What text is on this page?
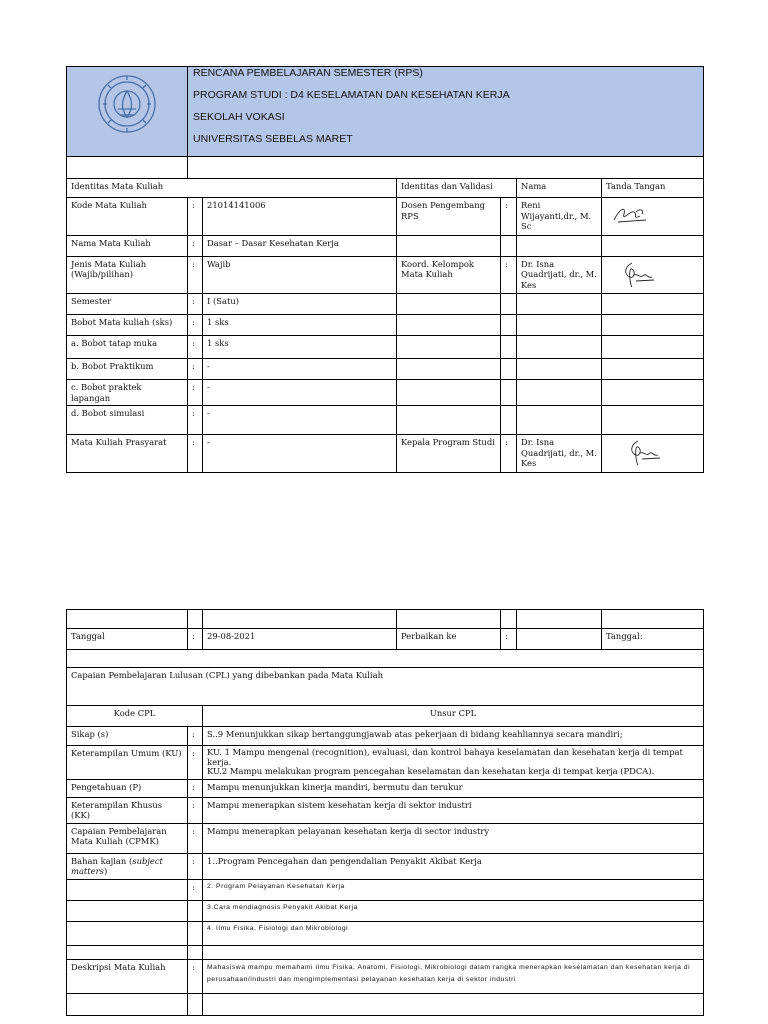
RENCANA PEMBELAJARAN SEMESTER (RPS)
PROGRAM STUDI : D4 KESELAMATAN DAN KESEHATAN KERJA
SEKOLAH VOKASI
UNIVERSITAS SEBELAS MARET					

Identitas Mata Kuliah			Identitas dan Validasi		Nama	Tanda Tangan
Kode Mata Kuliah	:	21014141006	Dosen Pengembang RPS	:	Reni Wijayanti,dr., M. Sc	
Nama Mata Kuliah	:	Dasar – Dasar Kesehatan Kerja				
Jenis Mata Kuliah (Wajib/pilihan)	:	Wajib	Koord. Kelompok Mata Kuliah	:	Dr. Isna Quadrijati, dr., M. Kes	
Semester	:	I (Satu)				
Bobot Mata kuliah (sks)	:	1 sks				
a. Bobot tatap muka	:	1 sks				
b. Bobot Praktikum	:	-				
c. Bobot praktek lapangan	:	-				
d. Bobot simulasi	:	-				
Mata Kuliah Prasyarat	:	-	Kepala Program Studi	:	Dr. Isna Quadrijati, dr., M. Kes	

Tanggal	:	29-08-2021	Perbaikan ke	:		Tanggal:

Capaian Pembelajaran Lulusan (CPL) yang dibebankan pada Mata Kuliah						
Kode CPL		Unsur CPL				
Sikap (s)	:	S..9 Menunjukkan sikap bertanggungjawab atas pekerjaan di bidang keahliannya secara mandiri;				
Keterampilan Umum (KU)	:	KU. 1 Mampu mengenal (recognition), evaluasi, dan kontrol bahaya keselamatan dan kesehatan kerja di tempat kerja.
KU.2 Mampu melakukan program pencegahan keselamatan dan kesehatan kerja di tempat kerja (PDCA).				

Pengetahuan (P)	:	Mampu menunjukkan kinerja mandiri, bermutu dan terukur				
Keterampilan Khusus (KK)	:	Mampu menerapkan sistem kesehatan kerja di sektor industri				
Capaian Pembelajaran Mata Kuliah (CPMK)	:	Mampu menerapkan pelayanan kesehatan kerja di sector industry				
Bahan kajian (subject matters)	:	1..Program Pencegahan dan pengendalian Penyakit Akibat Kerja				
	:	2. Program Pelayanan Kesehatan Kerja				
		3.Cara mendiagnosis Penyakit Akibat Kerja				
		4. Ilmu Fisika, Fisiologi dan Mikrobiologi				

Deskripsi Mata Kuliah	:	Mahasiswa mampu memahami ilmu Fisika, Anatomi, Fisiologi, Mikrobiologi dalam rangka menerapkan keselamatan dan kesehatan kerja di perusahaan/industri dan mengimplementasi pelayanan kesehatan kerja di sektor industri				
